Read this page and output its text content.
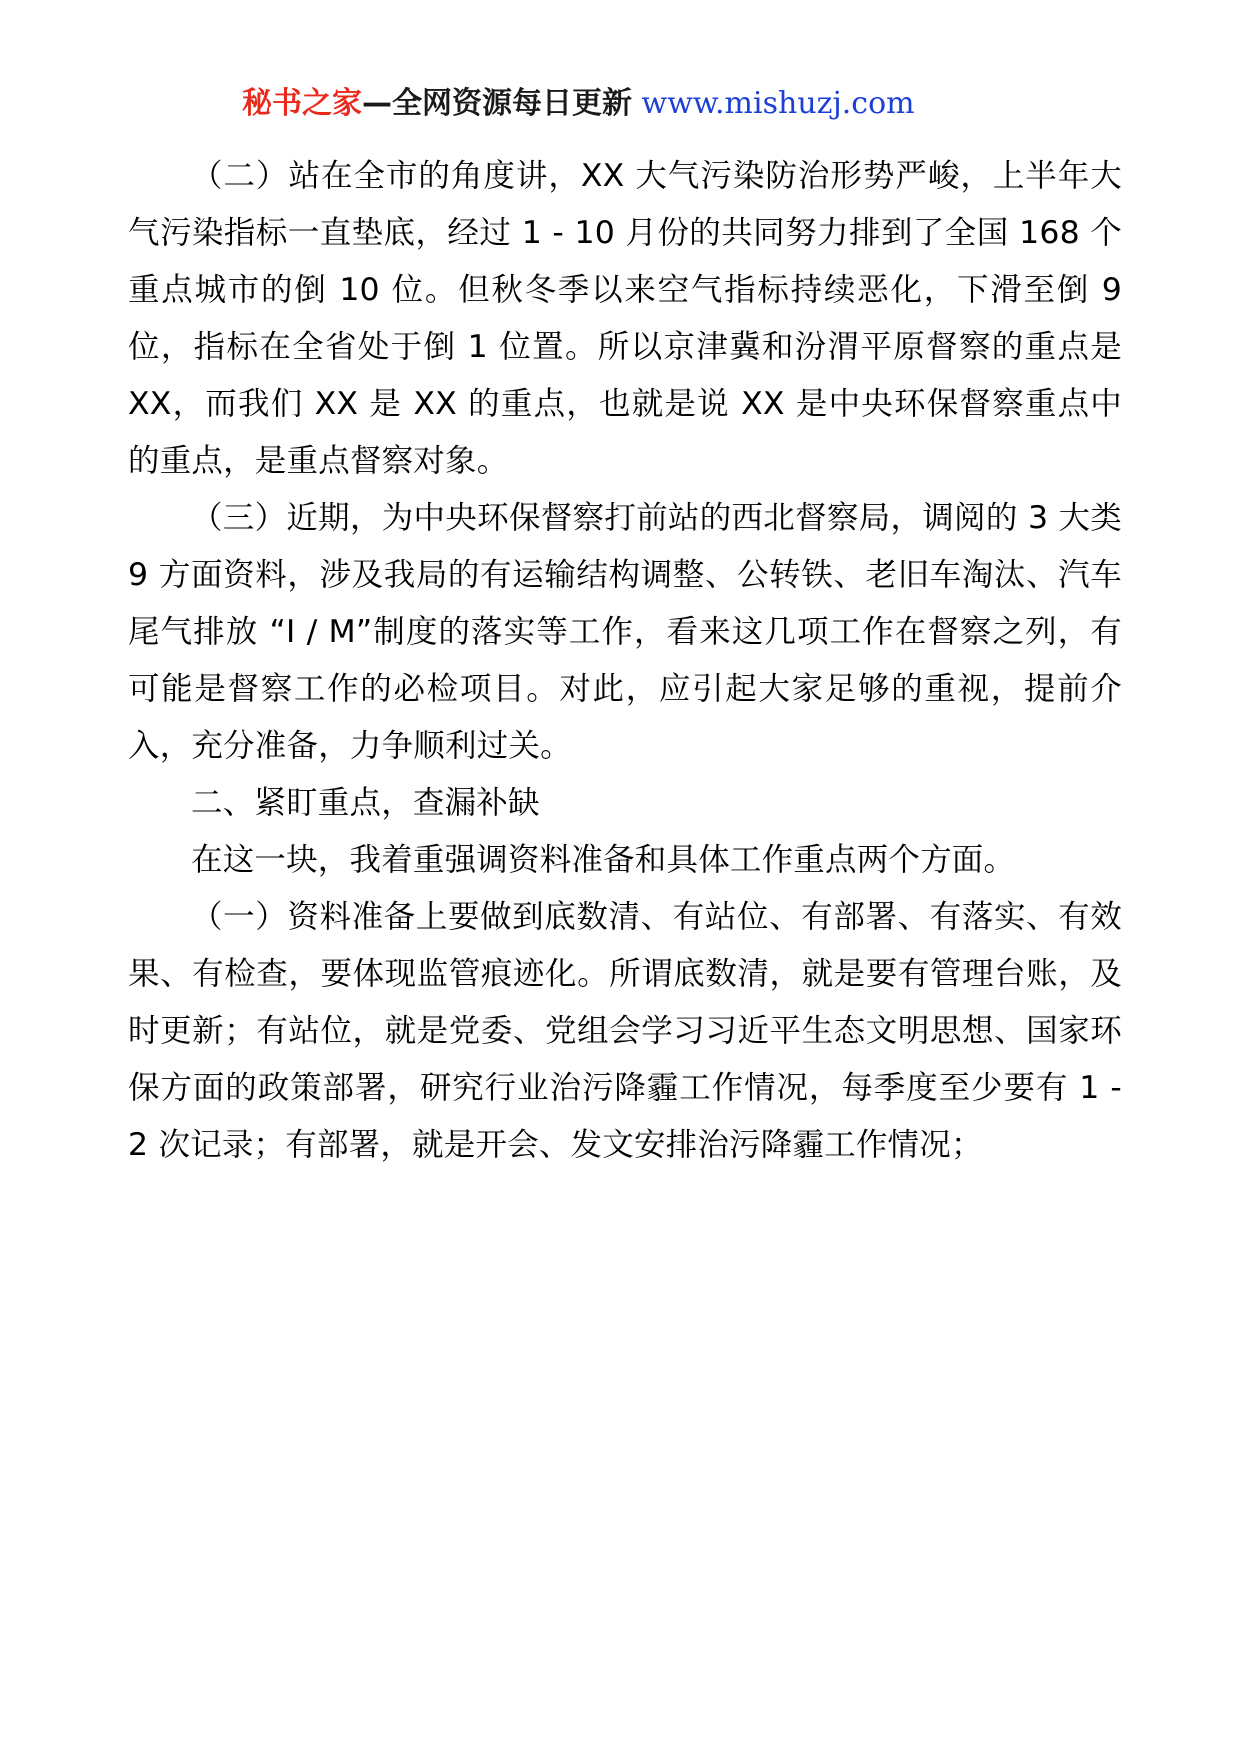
秘书之家—全网资源每日更新 www.mishuzj.com

（二）站在全市的角度讲，XX 大气污染防治形势严峻，上半年大气污染指标一直垫底，经过 1 - 10 月份的共同努力排到了全国 168 个重点城市的倒 10 位。但秋冬季以来空气指标持续恶化，下滑至倒 9 位，指标在全省处于倒 1 位置。所以京津冀和汾渭平原督察的重点是 XX，而我们 XX 是 XX 的重点，也就是说 XX 是中央环保督察重点中的重点，是重点督察对象。

（三）近期，为中央环保督察打前站的西北督察局，调阅的 3 大类 9 方面资料，涉及我局的有运输结构调整、公转铁、老旧车淘汰、汽车尾气排放 “I / M”制度的落实等工作，看来这几项工作在督察之列，有可能是督察工作的必检项目。对此，应引起大家足够的重视，提前介入，充分准备，力争顺利过关。

二、紧盯重点，查漏补缺

在这一块，我着重强调资料准备和具体工作重点两个方面。

（一）资料准备上要做到底数清、有站位、有部署、有落实、有效果、有检查，要体现监管痕迹化。所谓底数清，就是要有管理台账，及时更新；有站位，就是党委、党组会学习习近平生态文明思想、国家环保方面的政策部署，研究行业治污降霾工作情况，每季度至少要有 1 - 2 次记录；有部署，就是开会、发文安排治污降霾工作情况；
